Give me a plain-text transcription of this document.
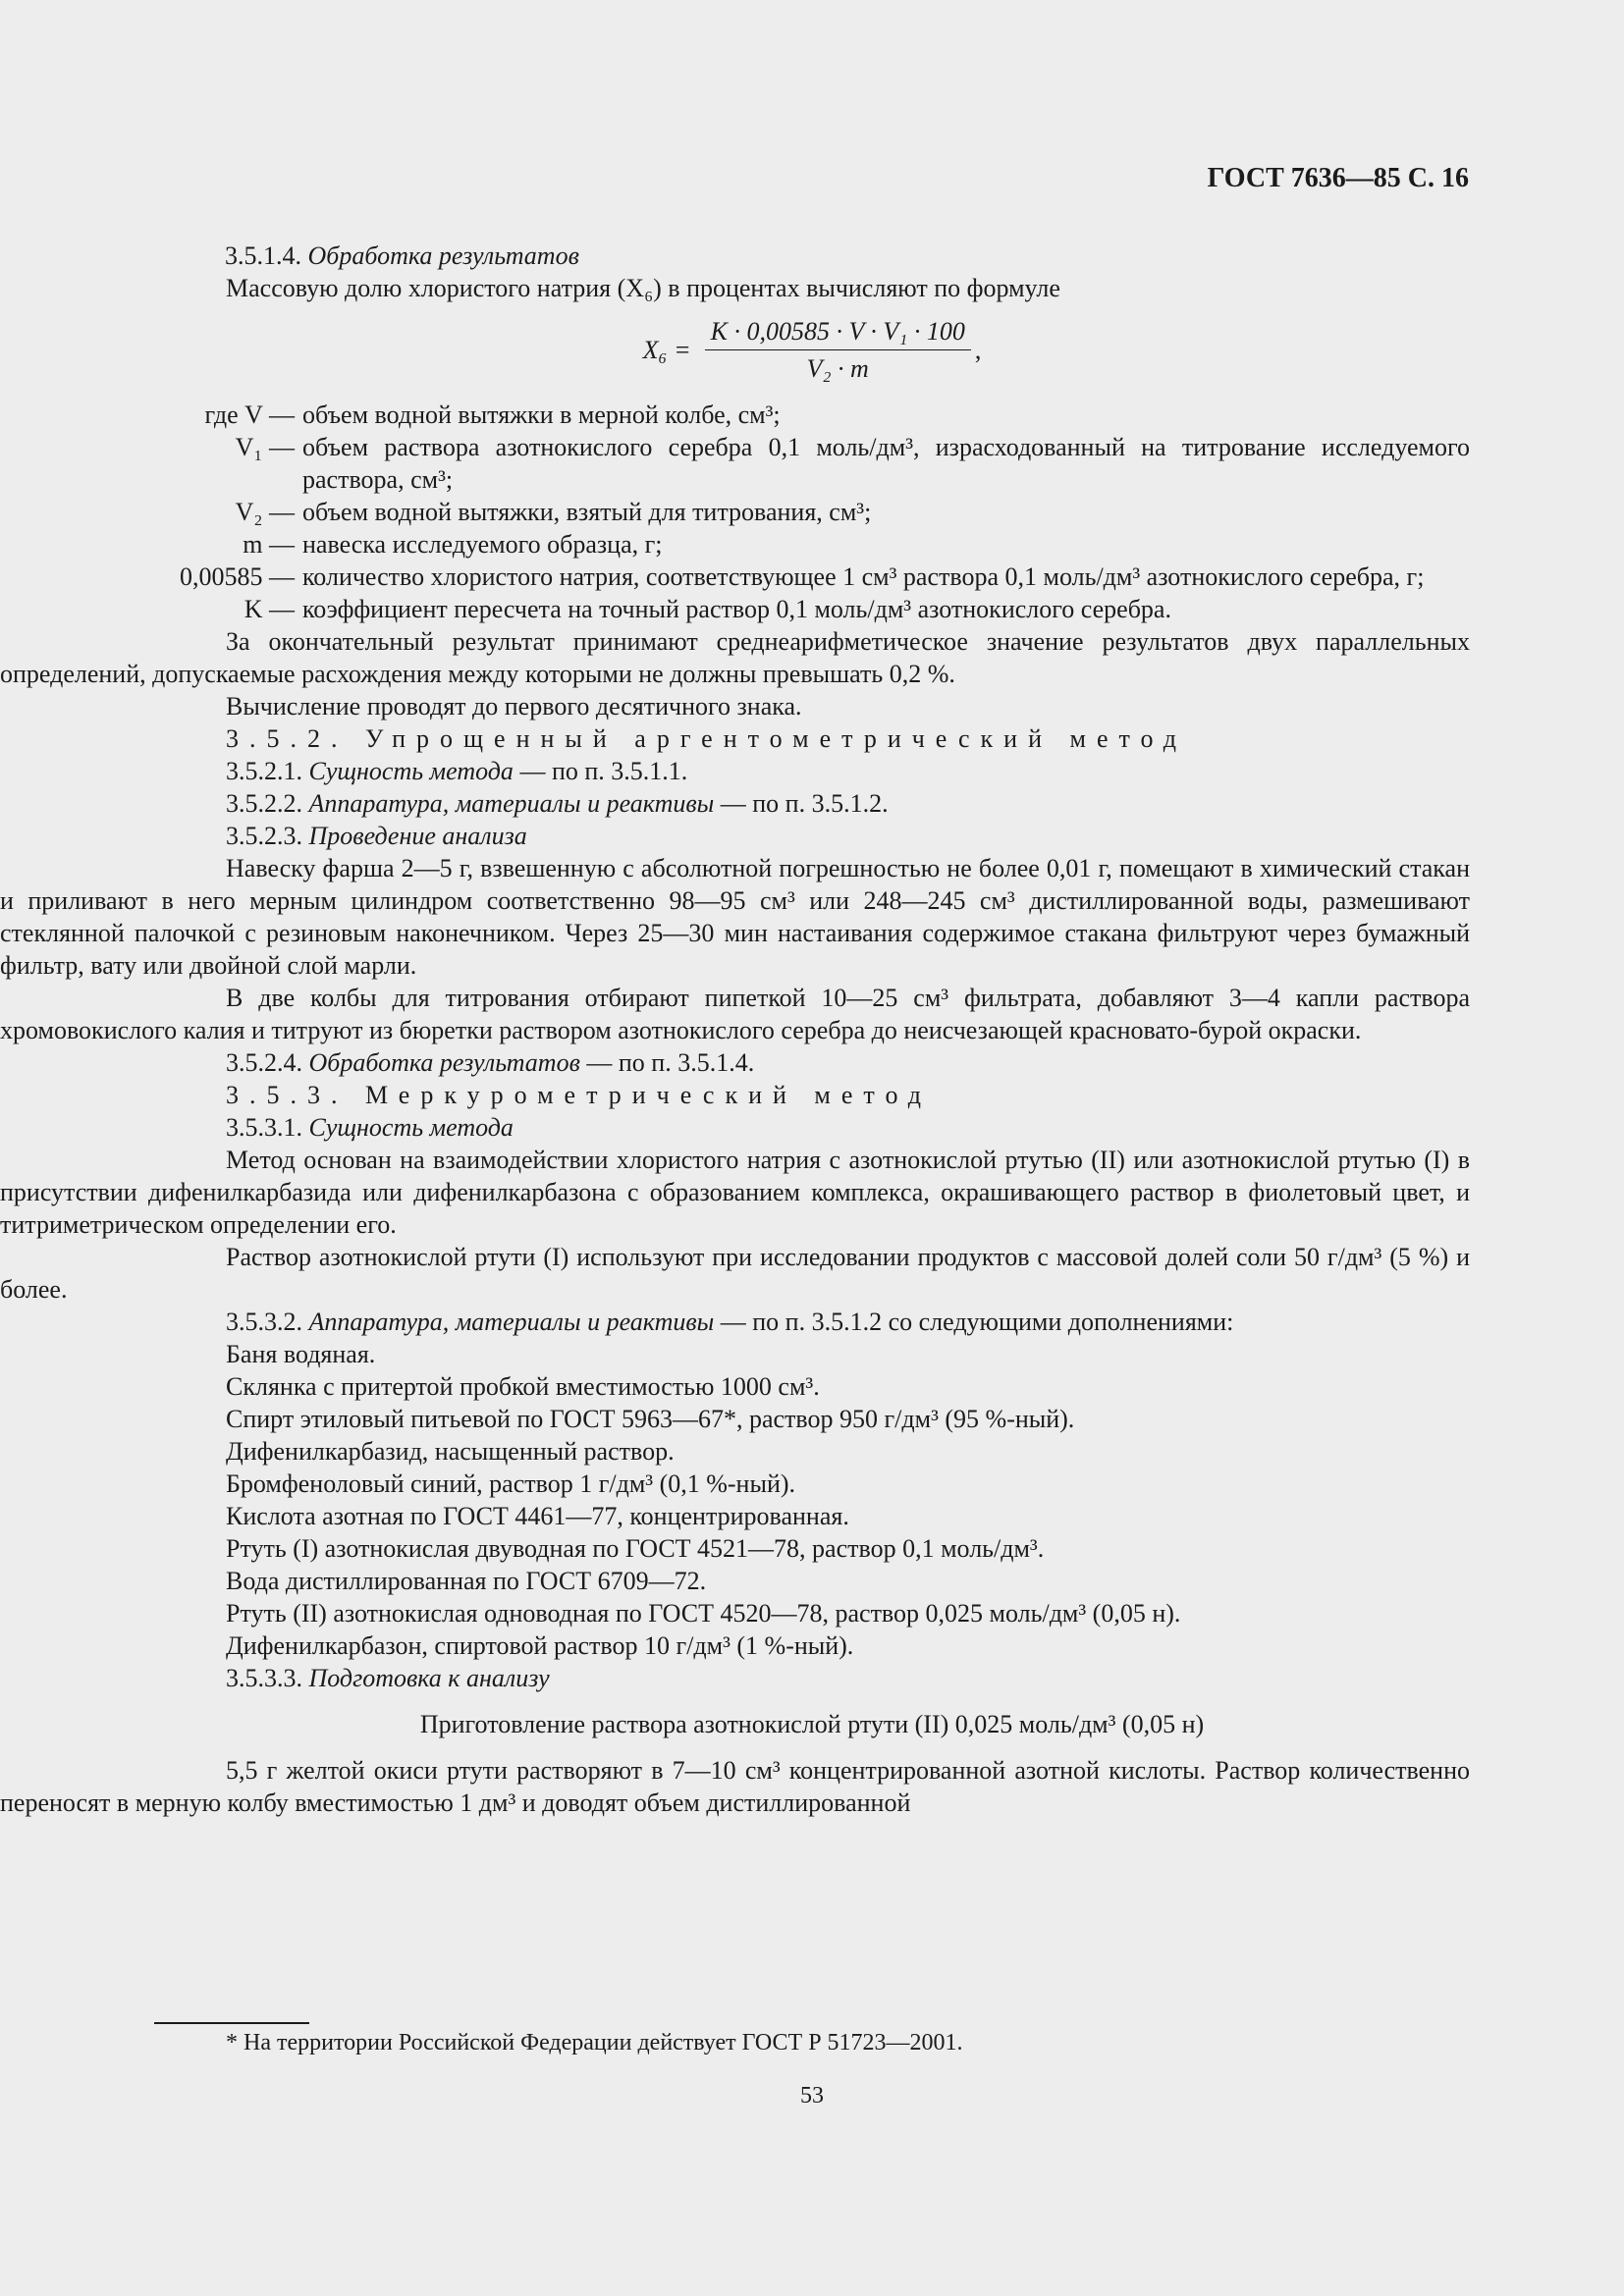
ГОСТ 7636—85 С. 16

3.5.1.4. Обработка результатов

Массовую долю хлористого натрия (X₆) в процентах вычисляют по формуле

$X_6 = \frac{\text{K · 0,00585 · V · V₁ · 100}}{\text{V₂ · m}}$ ,
где V — объем водной вытяжки в мерной колбе, см³;
V₁ — объем раствора азотнокислого серебра 0,1 моль/дм³, израсходованный на титрование исследуемого раствора, см³;
V₂ — объем водной вытяжки, взятый для титрования, см³;
m — навеска исследуемого образца, г;
0,00585 — количество хлористого натрия, соответствующее 1 см³ раствора 0,1 моль/дм³ азотнокислого серебра, г;
K — коэффициент пересчета на точный раствор 0,1 моль/дм³ азотнокислого серебра.

За окончательный результат принимают среднеарифметическое значение результатов двух параллельных определений, допускаемые расхождения между которыми не должны превышать 0,2 %.

Вычисление проводят до первого десятичного знака.

3.5.2. Упрощенный аргентометрический метод

3.5.2.1. Сущность метода — по п. 3.5.1.1.

3.5.2.2. Аппаратура, материалы и реактивы — по п. 3.5.1.2.

3.5.2.3. Проведение анализа

Навеску фарша 2—5 г, взвешенную с абсолютной погрешностью не более 0,01 г, помещают в химический стакан и приливают в него мерным цилиндром соответственно 98—95 см³ или 248—245 см³ дистиллированной воды, размешивают стеклянной палочкой с резиновым наконечником. Через 25—30 мин настаивания содержимое стакана фильтруют через бумажный фильтр, вату или двойной слой марли.

В две колбы для титрования отбирают пипеткой 10—25 см³ фильтрата, добавляют 3—4 капли раствора хромовокислого калия и титруют из бюретки раствором азотнокислого серебра до неисчезающей красновато-бурой окраски.

3.5.2.4. Обработка результатов — по п. 3.5.1.4.

3.5.3. Меркурометрический метод

3.5.3.1. Сущность метода

Метод основан на взаимодействии хлористого натрия с азотнокислой ртутью (II) или азотнокислой ртутью (I) в присутствии дифенилкарбазида или дифенилкарбазона с образованием комплекса, окрашивающего раствор в фиолетовый цвет, и титриметрическом определении его.

Раствор азотнокислой ртути (I) используют при исследовании продуктов с массовой долей соли 50 г/дм³ (5 %) и более.

3.5.3.2. Аппаратура, материалы и реактивы — по п. 3.5.1.2 со следующими дополнениями:

Баня водяная.

Склянка с притертой пробкой вместимостью 1000 см³.

Спирт этиловый питьевой по ГОСТ 5963—67*, раствор 950 г/дм³ (95 %-ный).

Дифенилкарбазид, насыщенный раствор.

Бромфеноловый синий, раствор 1 г/дм³ (0,1 %-ный).

Кислота азотная по ГОСТ 4461—77, концентрированная.

Ртуть (I) азотнокислая двуводная по ГОСТ 4521—78, раствор 0,1 моль/дм³.

Вода дистиллированная по ГОСТ 6709—72.

Ртуть (II) азотнокислая одноводная по ГОСТ 4520—78, раствор 0,025 моль/дм³ (0,05 н).

Дифенилкарбазон, спиртовой раствор 10 г/дм³ (1 %-ный).

3.5.3.3. Подготовка к анализу

Приготовление раствора азотнокислой ртути (II) 0,025 моль/дм³ (0,05 н)

5,5 г желтой окиси ртути растворяют в 7—10 см³ концентрированной азотной кислоты. Раствор количественно переносят в мерную колбу вместимостью 1 дм³ и доводят объем дистиллированной

* На территории Российской Федерации действует ГОСТ Р 51723—2001.
53
